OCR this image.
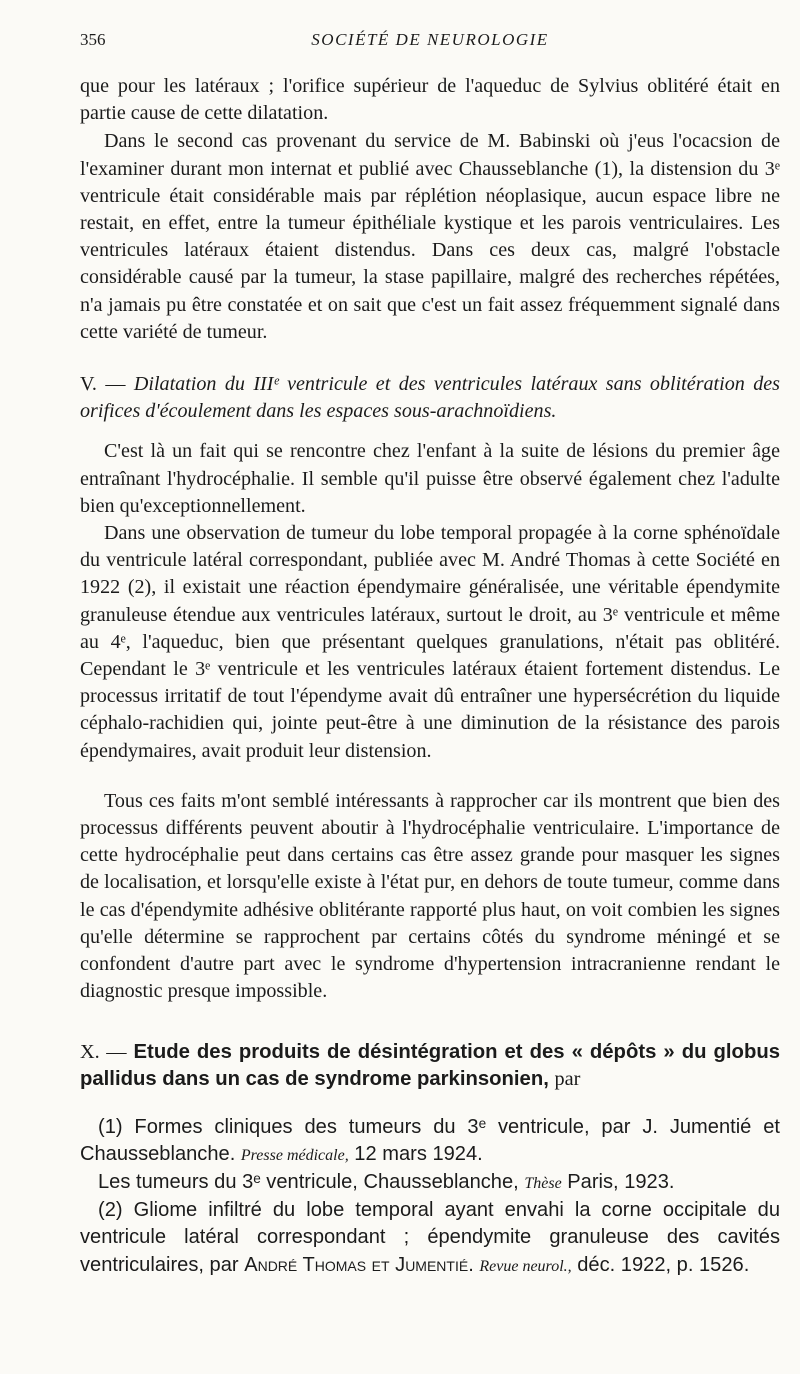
356	SOCIÉTÉ DE NEUROLOGIE

que pour les latéraux ; l'orifice supérieur de l'aqueduc de Sylvius oblitéré était en partie cause de cette dilatation.

Dans le second cas provenant du service de M. Babinski où j'eus l'ocacsion de l'examiner durant mon internat et publié avec Chausseblanche (1), la distension du 3ᵉ ventricule était considérable mais par réplétion néoplasique, aucun espace libre ne restait, en effet, entre la tumeur épithéliale kystique et les parois ventriculaires. Les ventricules latéraux étaient distendus. Dans ces deux cas, malgré l'obstacle considérable causé par la tumeur, la stase papillaire, malgré des recherches répétées, n'a jamais pu être constatée et on sait que c'est un fait assez fréquemment signalé dans cette variété de tumeur.

V. — Dilatation du IIIᵉ ventricule et des ventricules latéraux sans oblitération des orifices d'écoulement dans les espaces sous-arachnoïdiens.

C'est là un fait qui se rencontre chez l'enfant à la suite de lésions du premier âge entraînant l'hydrocéphalie. Il semble qu'il puisse être observé également chez l'adulte bien qu'exceptionnellement.

Dans une observation de tumeur du lobe temporal propagée à la corne sphénoïdale du ventricule latéral correspondant, publiée avec M. André Thomas à cette Société en 1922 (2), il existait une réaction épendymaire généralisée, une véritable épendymite granuleuse étendue aux ventricules latéraux, surtout le droit, au 3ᵉ ventricule et même au 4ᵉ, l'aqueduc, bien que présentant quelques granulations, n'était pas oblitéré. Cependant le 3ᵉ ventricule et les ventricules latéraux étaient fortement distendus. Le processus irritatif de tout l'épendyme avait dû entraîner une hypersécrétion du liquide céphalo-rachidien qui, jointe peut-être à une diminution de la résistance des parois épendymaires, avait produit leur distension.

Tous ces faits m'ont semblé intéressants à rapprocher car ils montrent que bien des processus différents peuvent aboutir à l'hydrocéphalie ventriculaire. L'importance de cette hydrocéphalie peut dans certains cas être assez grande pour masquer les signes de localisation, et lorsqu'elle existe à l'état pur, en dehors de toute tumeur, comme dans le cas d'épendymite adhésive oblitérante rapporté plus haut, on voit combien les signes qu'elle détermine se rapprochent par certains côtés du syndrome méningé et se confondent d'autre part avec le syndrome d'hypertension intracranienne rendant le diagnostic presque impossible.

X. — Etude des produits de désintégration et des « dépôts » du globus pallidus dans un cas de syndrome parkinsonien, par

(1) Formes cliniques des tumeurs du 3ᵉ ventricule, par J. Jumentié et Chausseblanche. Presse médicale, 12 mars 1924.

Les tumeurs du 3ᵉ ventricule, Chausseblanche, Thèse Paris, 1923.

(2) Gliome infiltré du lobe temporal ayant envahi la corne occipitale du ventricule latéral correspondant ; épendymite granuleuse des cavités ventriculaires, par André Thomas et Jumentié. Revue neurol., déc. 1922, p. 1526.
